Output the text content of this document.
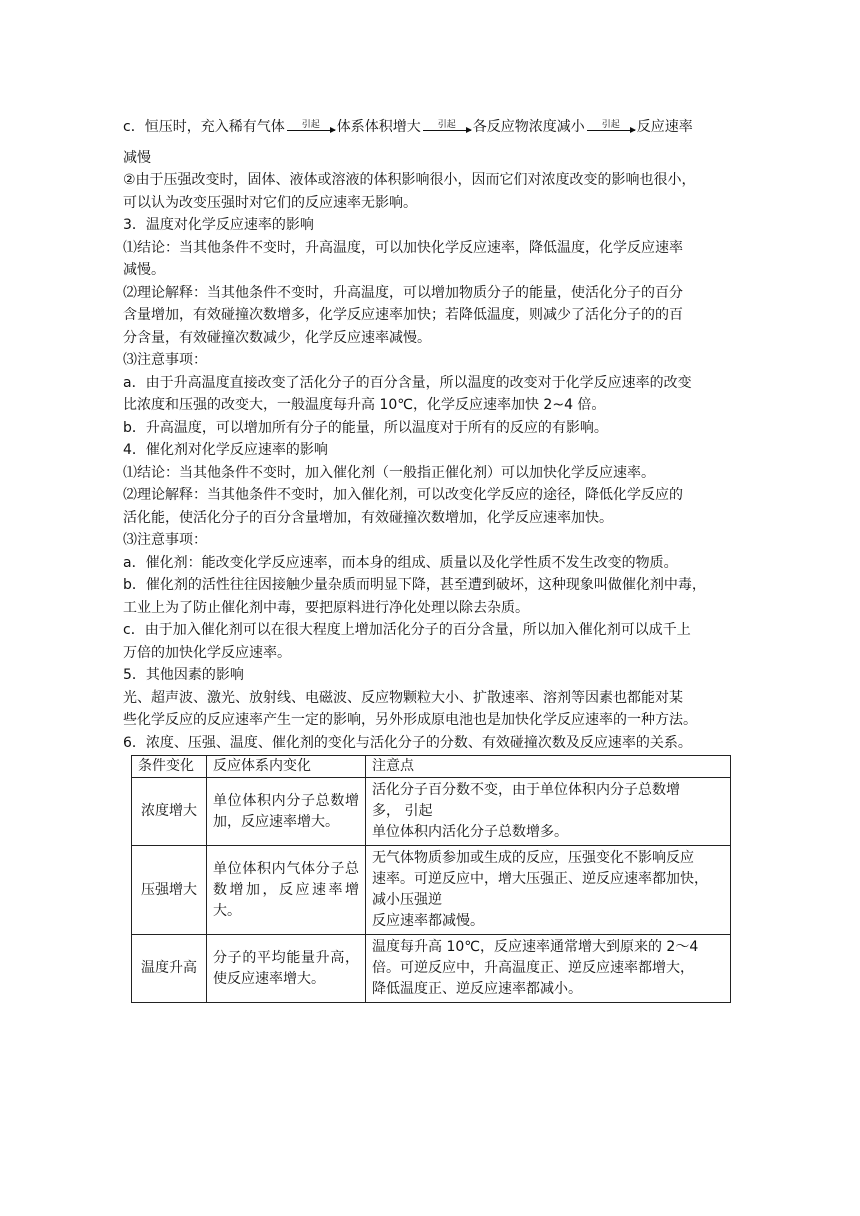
c．恒压时，充入稀有气体 引起 体系体积增大 引起 各反应物浓度减小 引起 反应速率
减慢
②由于压强改变时，固体、液体或溶液的体积影响很小，因而它们对浓度改变的影响也很小，
可以认为改变压强时对它们的反应速率无影响。
3．温度对化学反应速率的影响
⑴结论：当其他条件不变时，升高温度，可以加快化学反应速率，降低温度，化学反应速率
减慢。
⑵理论解释：当其他条件不变时，升高温度，可以增加物质分子的能量，使活化分子的百分
含量增加，有效碰撞次数增多，化学反应速率加快；若降低温度，则减少了活化分子的的百
分含量，有效碰撞次数减少，化学反应速率减慢。
⑶注意事项：
a．由于升高温度直接改变了活化分子的百分含量，所以温度的改变对于化学反应速率的改变
比浓度和压强的改变大，一般温度每升高 10℃，化学反应速率加快 2~4 倍。
b．升高温度，可以增加所有分子的能量，所以温度对于所有的反应的有影响。
4．催化剂对化学反应速率的影响
⑴结论：当其他条件不变时，加入催化剂（一般指正催化剂）可以加快化学反应速率。
⑵理论解释：当其他条件不变时，加入催化剂，可以改变化学反应的途径，降低化学反应的
活化能，使活化分子的百分含量增加，有效碰撞次数增加，化学反应速率加快。
⑶注意事项：
a．催化剂：能改变化学反应速率，而本身的组成、质量以及化学性质不发生改变的物质。
b．催化剂的活性往往因接触少量杂质而明显下降，甚至遭到破坏，这种现象叫做催化剂中毒，
工业上为了防止催化剂中毒，要把原料进行净化处理以除去杂质。
c．由于加入催化剂可以在很大程度上增加活化分子的百分含量，所以加入催化剂可以成千上
万倍的加快化学反应速率。
5．其他因素的影响
光、超声波、激光、放射线、电磁波、反应物颗粒大小、扩散速率、溶剂等因素也都能对某
些化学反应的反应速率产生一定的影响，另外形成原电池也是加快化学反应速率的一种方法。
6．浓度、压强、温度、催化剂的变化与活化分子的分数、有效碰撞次数及反应速率的关系。
条件变化	反应体系内变化	注意点
浓度增大	单位体积内分子总数增加，反应速率增大。	活化分子百分数不变，由于单位体积内分子总数增
多， 引起
单位体积内活化分子总数增多。

压强增大	单位体积内气体分子总数增加，反应速率增大。	无气体物质参加或生成的反应，压强变化不影响反应
速率。可逆反应中，增大压强正、逆反应速率都加快，
减小压强逆
反应速率都减慢。

温度升高	分子的平均能量升高，使反应速率增大。	温度每升高 10℃，反应速率通常增大到原来的 2～4
倍。可逆反应中，升高温度正、逆反应速率都增大，
降低温度正、逆反应速率都减小。
